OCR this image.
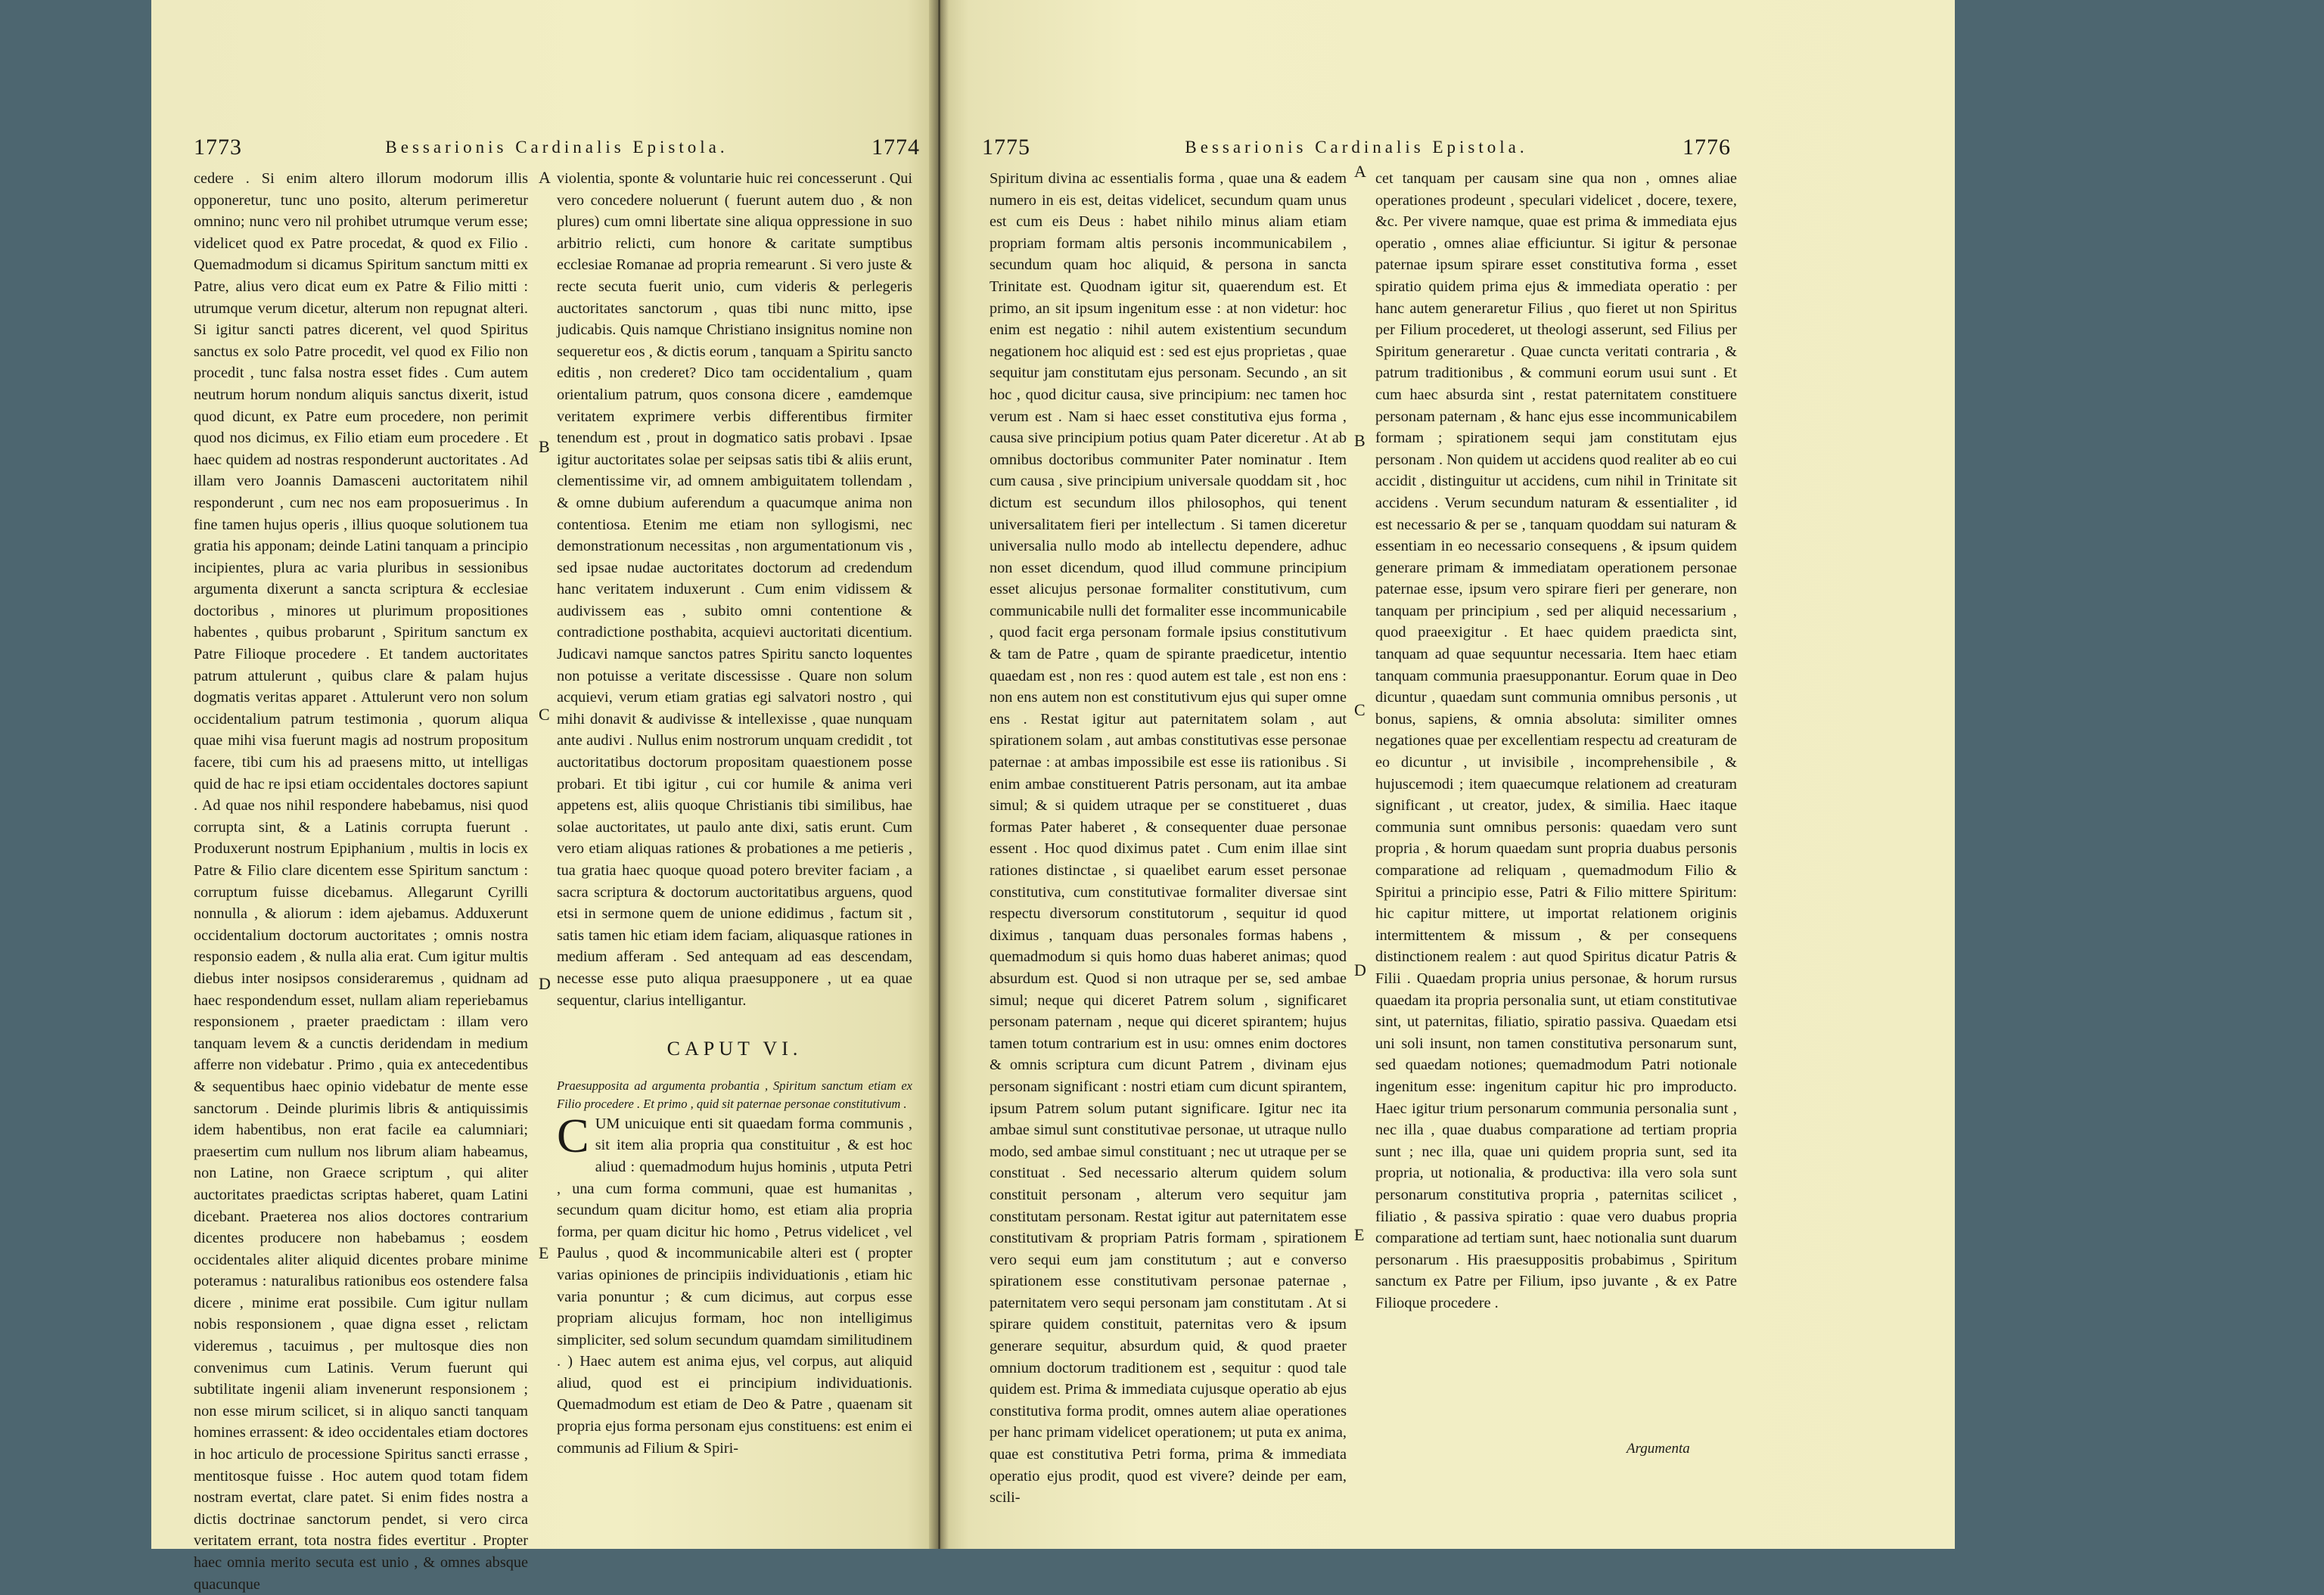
1773	Bessarionis Cardinalis Epistola.	1774

cedere . Si enim altero illorum modorum illis opponeretur, tunc uno posito, alterum perimeretur omnino; nunc vero nil prohibet utrumque verum esse; videlicet quod ex Patre procedat, & quod ex Filio . Quemadmodum si dicamus Spiritum sanctum mitti ex Patre, alius vero dicat eum ex Patre & Filio mitti : utrumque verum dicetur, alterum non repugnat alteri. Si igitur sancti patres dicerent, vel quod Spiritus sanctus ex solo Patre procedit, vel quod ex Filio non procedit , tunc falsa nostra esset fides . Cum autem neutrum horum nondum aliquis sanctus dixerit, istud quod dicunt, ex Patre eum procedere, non perimit quod nos dicimus, ex Filio etiam eum procedere . Et haec quidem ad nostras responderunt auctoritates . Ad illam vero Joannis Damasceni auctoritatem nihil responderunt , cum nec nos eam proposuerimus . In fine tamen hujus operis , illius quoque solutionem tua gratia his apponam; deinde Latini tanquam a principio incipientes, plura ac varia pluribus in sessionibus argumenta dixerunt a sancta scriptura & ecclesiae doctoribus , minores ut plurimum propositiones habentes , quibus probarunt , Spiritum sanctum ex Patre Filioque procedere . Et tandem auctoritates patrum attulerunt , quibus clare & palam hujus dogmatis veritas apparet . Attulerunt vero non solum occidentalium patrum testimonia , quorum aliqua quae mihi visa fuerunt magis ad nostrum propositum facere, tibi cum his ad praesens mitto, ut intelligas quid de hac re ipsi etiam occidentales doctores sapiunt . Ad quae nos nihil respondere habebamus, nisi quod corrupta sint, & a Latinis corrupta fuerunt . Produxerunt nostrum Epiphanium , multis in locis ex Patre & Filio clare dicentem esse Spiritum sanctum : corruptum fuisse dicebamus. Allegarunt Cyrilli nonnulla , & aliorum : idem ajebamus. Adduxerunt occidentalium doctorum auctoritates ; omnis nostra responsio eadem , & nulla alia erat. Cum igitur multis diebus inter nosipsos consideraremus , quidnam ad haec respondendum esset, nullam aliam reperiebamus responsionem , praeter praedictam : illam vero tanquam levem & a cunctis deridendam in medium afferre non videbatur . Primo , quia ex antecedentibus & sequentibus haec opinio videbatur de mente esse sanctorum . Deinde plurimis libris & antiquissimis idem habentibus, non erat facile ea calumniari; praesertim cum nullum nos librum aliam habeamus, non Latine, non Graece scriptum , qui aliter auctoritates praedictas scriptas haberet, quam Latini dicebant. Praeterea nos alios doctores contrarium dicentes producere non habebamus ; eosdem occidentales aliter aliquid dicentes probare minime poteramus : naturalibus rationibus eos ostendere falsa dicere , minime erat possibile. Cum igitur nullam nobis responsionem , quae digna esset , relictam videremus , tacuimus , per multosque dies non convenimus cum Latinis. Verum fuerunt qui subtilitate ingenii aliam invenerunt responsionem ; non esse mirum scilicet, si in aliquo sancti tanquam homines errassent: & ideo occidentales etiam doctores in hoc articulo de processione Spiritus sancti errasse , mentitosque fuisse . Hoc autem quod totam fidem nostram evertat, clare patet. Si enim fides nostra a dictis doctrinae sanctorum pendet, si vero circa veritatem errant, tota nostra fides evertitur . Propter haec omnia merito secuta est unio , & omnes absque quacunque

violentia, sponte & voluntarie huic rei concesserunt . Qui vero concedere noluerunt ( fuerunt autem duo , & non plures) cum omni libertate sine aliqua oppressione in suo arbitrio relicti, cum honore & caritate sumptibus ecclesiae Romanae ad propria remearunt . Si vero juste & recte secuta fuerit unio, cum videris & perlegeris auctoritates sanctorum , quas tibi nunc mitto, ipse judicabis. Quis namque Christiano insignitus nomine non sequeretur eos , & dictis eorum , tanquam a Spiritu sancto editis , non crederet? Dico tam occidentalium , quam orientalium patrum, quos consona dicere , eamdemque veritatem exprimere verbis differentibus firmiter tenendum est , prout in dogmatico satis probavi . Ipsae igitur auctoritates solae per seipsas satis tibi & aliis erunt, clementissime vir, ad omnem ambiguitatem tollendam , & omne dubium auferendum a quacumque anima non contentiosa. Etenim me etiam non syllogismi, nec demonstrationum necessitas , non argumentationum vis , sed ipsae nudae auctoritates doctorum ad credendum hanc veritatem induxerunt . Cum enim vidissem & audivissem eas , subito omni contentione & contradictione posthabita, acquievi auctoritati dicentium. Judicavi namque sanctos patres Spiritu sancto loquentes non potuisse a veritate discessisse . Quare non solum acquievi, verum etiam gratias egi salvatori nostro , qui mihi donavit & audivisse & intellexisse , quae nunquam ante audivi . Nullus enim nostrorum unquam credidit , tot auctoritatibus doctorum propositam quaestionem posse probari. Et tibi igitur , cui cor humile & anima veri appetens est, aliis quoque Christianis tibi similibus, hae solae auctoritates, ut paulo ante dixi, satis erunt. Cum vero etiam aliquas rationes & probationes a me petieris , tua gratia haec quoque quoad potero breviter faciam , a sacra scriptura & doctorum auctoritatibus arguens, quod etsi in sermone quem de unione edidimus , factum sit , satis tamen hic etiam idem faciam, aliquasque rationes in medium afferam . Sed antequam ad eas descendam, necesse esse puto aliqua praesupponere , ut ea quae sequentur, clarius intelligantur.

CAPUT VI.

Praesupposita ad argumenta probantia , Spiritum sanctum etiam ex Filio procedere . Et primo , quid sit paternae personae constitutivum .

CUM unicuique enti sit quaedam forma communis , sit item alia propria qua constituitur , & est hoc aliud : quemadmodum hujus hominis , utputa Petri , una cum forma communi, quae est humanitas , secundum quam dicitur homo, est etiam alia propria forma, per quam dicitur hic homo , Petrus videlicet , vel Paulus , quod & incommunicabile alteri est ( propter varias opiniones de principiis individuationis , etiam hic varia ponuntur ; & cum dicimus, aut corpus esse propriam alicujus formam, hoc non intelligimus simpliciter, sed solum secundum quamdam similitudinem . ) Haec autem est anima ejus, vel corpus, aut aliquid aliud, quod est ei principium individuationis. Quemadmodum est etiam de Deo & Patre , quaenam sit propria ejus forma personam ejus constituens: est enim ei communis ad Filium & Spiri-

A
B
C
D
E
1775	Bessarionis Cardinalis Epistola.	1776

Spiritum divina ac essentialis forma , quae una & eadem numero in eis est, deitas videlicet, secundum quam unus est cum eis Deus : habet nihilo minus aliam etiam propriam formam altis personis incommunicabilem , secundum quam hoc aliquid, & persona in sancta Trinitate est. Quodnam igitur sit, quaerendum est. Et primo, an sit ipsum ingenitum esse : at non videtur: hoc enim est negatio : nihil autem existentium secundum negationem hoc aliquid est : sed est ejus proprietas , quae sequitur jam constitutam ejus personam. Secundo , an sit hoc , quod dicitur causa, sive principium: nec tamen hoc verum est . Nam si haec esset constitutiva ejus forma , causa sive principium potius quam Pater diceretur . At ab omnibus doctoribus communiter Pater nominatur . Item cum causa , sive principium universale quoddam sit , hoc dictum est secundum illos philosophos, qui tenent universalitatem fieri per intellectum . Si tamen diceretur universalia nullo modo ab intellectu dependere, adhuc non esset dicendum, quod illud commune principium esset alicujus personae formaliter constitutivum, cum communicabile nulli det formaliter esse incommunicabile , quod facit erga personam formale ipsius constitutivum & tam de Patre , quam de spirante praedicetur, intentio quaedam est , non res : quod autem est tale , est non ens : non ens autem non est constitutivum ejus qui super omne ens . Restat igitur aut paternitatem solam , aut spirationem solam , aut ambas constitutivas esse personae paternae : at ambas impossibile est esse iis rationibus . Si enim ambae constituerent Patris personam, aut ita ambae simul; & si quidem utraque per se constitueret , duas formas Pater haberet , & consequenter duae personae essent . Hoc quod diximus patet . Cum enim illae sint rationes distinctae , si quaelibet earum esset personae constitutiva, cum constitutivae formaliter diversae sint respectu diversorum constitutorum , sequitur id quod diximus , tanquam duas personales formas habens , quemadmodum si quis homo duas haberet animas; quod absurdum est. Quod si non utraque per se, sed ambae simul; neque qui diceret Patrem solum , significaret personam paternam , neque qui diceret spirantem; hujus tamen totum contrarium est in usu: omnes enim doctores & omnis scriptura cum dicunt Patrem , divinam ejus personam significant : nostri etiam cum dicunt spirantem, ipsum Patrem solum putant significare. Igitur nec ita ambae simul sunt constitutivae personae, ut utraque nullo modo, sed ambae simul constituant ; nec ut utraque per se constituat . Sed necessario alterum quidem solum constituit personam , alterum vero sequitur jam constitutam personam. Restat igitur aut paternitatem esse constitutivam & propriam Patris formam , spirationem vero sequi eum jam constitutum ; aut e converso spirationem esse constitutivam personae paternae , paternitatem vero sequi personam jam constitutam . At si spirare quidem constituit, paternitas vero & ipsum generare sequitur, absurdum quid, & quod praeter omnium doctorum traditionem est , sequitur : quod tale quidem est. Prima & immediata cujusque operatio ab ejus constitutiva forma prodit, omnes autem aliae operationes per hanc primam videlicet operationem; ut puta ex anima, quae est constitutiva Petri forma, prima & immediata operatio ejus prodit, quod est vivere? deinde per eam, scili-

cet tanquam per causam sine qua non , omnes aliae operationes prodeunt , speculari videlicet , docere, texere, &c. Per vivere namque, quae est prima & immediata ejus operatio , omnes aliae efficiuntur. Si igitur & personae paternae ipsum spirare esset constitutiva forma , esset spiratio quidem prima ejus & immediata operatio : per hanc autem generaretur Filius , quo fieret ut non Spiritus per Filium procederet, ut theologi asserunt, sed Filius per Spiritum generaretur . Quae cuncta veritati contraria , & patrum traditionibus , & communi eorum usui sunt . Et cum haec absurda sint , restat paternitatem constituere personam paternam , & hanc ejus esse incommunicabilem formam ; spirationem sequi jam constitutam ejus personam . Non quidem ut accidens quod realiter ab eo cui accidit , distinguitur ut accidens, cum nihil in Trinitate sit accidens . Verum secundum naturam & essentialiter , id est necessario & per se , tanquam quoddam sui naturam & essentiam in eo necessario consequens , & ipsum quidem generare primam & immediatam operationem personae paternae esse, ipsum vero spirare fieri per generare, non tanquam per principium , sed per aliquid necessarium , quod praeexigitur . Et haec quidem praedicta sint, tanquam ad quae sequuntur necessaria. Item haec etiam tanquam communia praesupponantur. Eorum quae in Deo dicuntur , quaedam sunt communia omnibus personis , ut bonus, sapiens, & omnia absoluta: similiter omnes negationes quae per excellentiam respectu ad creaturam de eo dicuntur , ut invisibile , incomprehensibile , & hujuscemodi ; item quaecumque relationem ad creaturam significant , ut creator, judex, & similia. Haec itaque communia sunt omnibus personis: quaedam vero sunt propria , & horum quaedam sunt propria duabus personis comparatione ad reliquam , quemadmodum Filio & Spiritui a principio esse, Patri & Filio mittere Spiritum: hic capitur mittere, ut importat relationem originis intermittentem & missum , & per consequens distinctionem realem : aut quod Spiritus dicatur Patris & Filii . Quaedam propria unius personae, & horum rursus quaedam ita propria personalia sunt, ut etiam constitutivae sint, ut paternitas, filiatio, spiratio passiva. Quaedam etsi uni soli insunt, non tamen constitutiva personarum sunt, sed quaedam notiones; quemadmodum Patri notionale ingenitum esse: ingenitum capitur hic pro improducto. Haec igitur trium personarum communia personalia sunt , nec illa , quae duabus comparatione ad tertiam propria sunt ; nec illa, quae uni quidem propria sunt, sed ita propria, ut notionalia, & productiva: illa vero sola sunt personarum constitutiva propria , paternitas scilicet , filiatio , & passiva spiratio : quae vero duabus propria comparatione ad tertiam sunt, haec notionalia sunt duarum personarum . His praesuppositis probabimus , Spiritum sanctum ex Patre per Filium, ipso juvante , & ex Patre Filioque procedere .

A
B
C
D
E
Argumenta
